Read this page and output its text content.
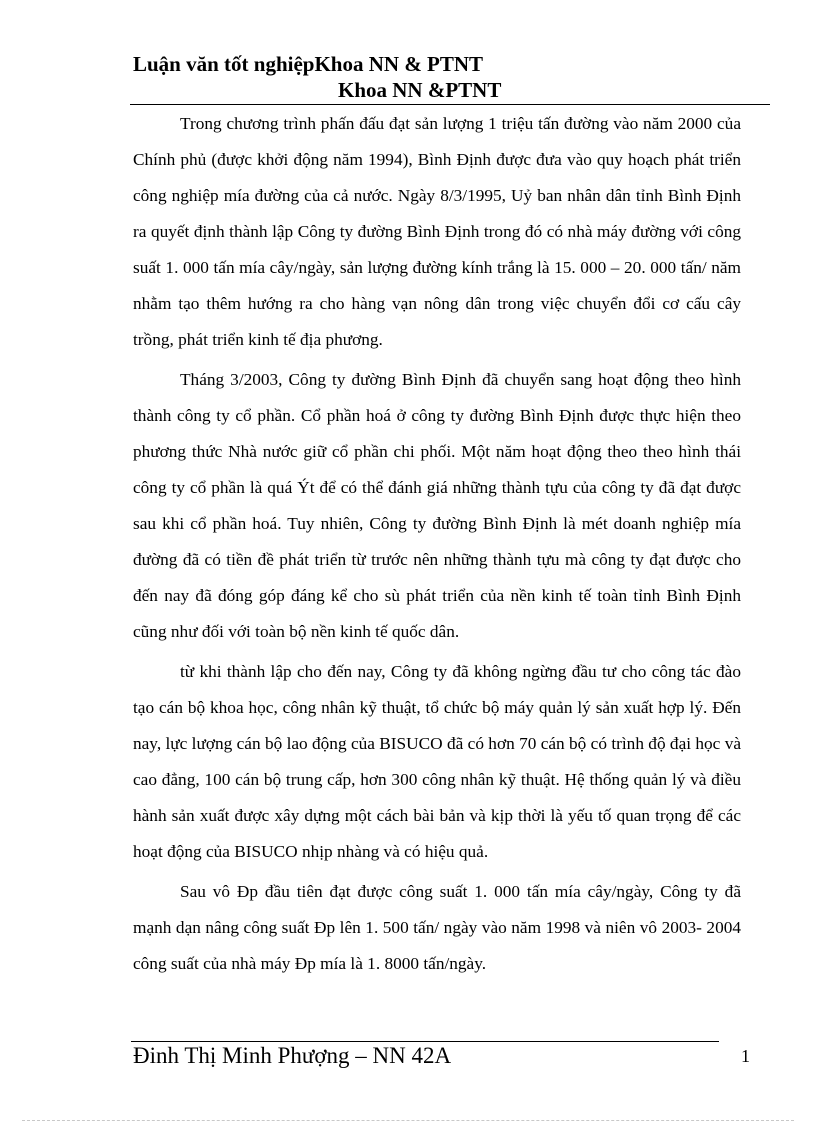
Luận văn tốt nghiệpKhoa NN & PTNT
Khoa NN &PTNT

Trong chương trình phấn đấu đạt sản lượng 1 triệu tấn đường vào năm 2000 của Chính phủ (được khởi động năm 1994), Bình Định được đưa vào quy hoạch phát triển công nghiệp mía đường của cả nước. Ngày 8/3/1995, Uỷ ban nhân dân tỉnh Bình Định ra quyết định thành lập Công ty đường Bình Định trong đó có nhà máy đường với công suất 1. 000 tấn mía cây/ngày, sản lượng đường kính trắng là 15. 000 – 20. 000 tấn/ năm nhằm tạo thêm hướng ra cho hàng vạn nông dân trong việc chuyển đổi cơ cấu cây trồng, phát triển kinh tế địa phương.

Tháng 3/2003, Công ty đường Bình Định đã chuyển sang hoạt động theo hình thành công ty cổ phần. Cổ phần hoá ở công ty đường Bình Định được thực hiện theo phương thức Nhà nước giữ cổ phần chi phối. Một năm hoạt động theo theo hình thái công ty cổ phần là quá Ýt để có thể đánh giá những thành tựu của công ty đã đạt được sau khi cổ phần hoá. Tuy nhiên, Công ty đường Bình Định là mét doanh nghiệp mía đường đã có tiền đề phát triển từ trước nên những thành tựu mà công ty đạt được cho đến nay đã đóng góp đáng kể cho sù phát triển của nền kinh tế toàn tỉnh Bình Định cũng như đối với toàn bộ nền kinh tế quốc dân.

từ khi thành lập cho đến nay, Công ty đã không ngừng đầu tư cho công tác đào tạo cán bộ khoa học, công nhân kỹ thuật, tổ chức bộ máy quản lý sản xuất hợp lý. Đến nay, lực lượng cán bộ lao động của BISUCO đã có hơn 70 cán bộ có trình độ đại học và cao đẳng, 100 cán bộ trung cấp, hơn 300 công nhân kỹ thuật. Hệ thống quản lý và điều hành sản xuất được xây dựng một cách bài bản và kịp thời là yếu tố quan trọng để các hoạt động của BISUCO nhịp nhàng và có hiệu quả.

Sau vô Ðp đầu tiên đạt được công suất 1. 000 tấn mía cây/ngày, Công ty đã mạnh dạn nâng công suất Ðp lên 1. 500 tấn/ ngày vào năm 1998 và niên vô 2003- 2004 công suất của nhà máy Ðp mía là 1. 8000 tấn/ngày.

Đinh Thị Minh Phượng – NN 42A	1
